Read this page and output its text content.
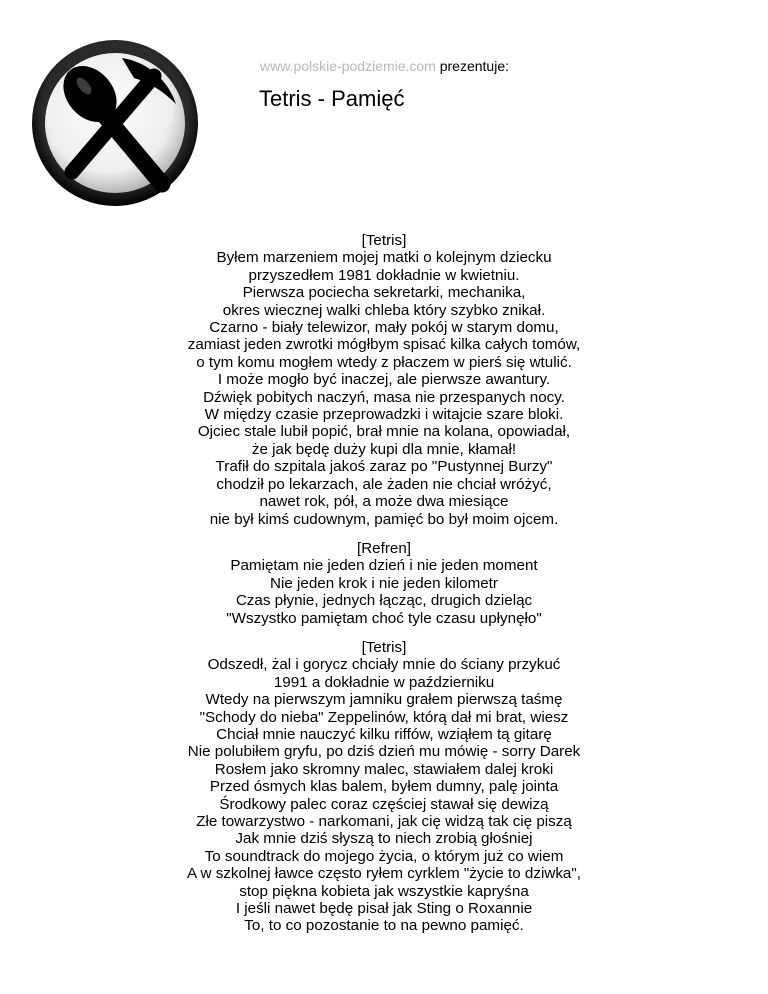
www.polskie-podziemie.com prezentuje:
Tetris - Pamięć
[Tetris]
Byłem marzeniem mojej matki o kolejnym dziecku
przyszedłem 1981 dokładnie w kwietniu.
Pierwsza pociecha sekretarki, mechanika,
okres wiecznej walki chleba który szybko znikał.
Czarno - biały telewizor, mały pokój w starym domu,
zamiast jeden zwrotki mógłbym spisać kilka całych tomów,
o tym komu mogłem wtedy z płaczem w pierś się wtulić.
I może mogło być inaczej, ale pierwsze awantury.
Dźwięk pobitych naczyń, masa nie przespanych nocy.
W między czasie przeprowadzki i witajcie szare bloki.
Ojciec stale lubił popić, brał mnie na kolana, opowiadał,
że jak będę duży kupi dla mnie, kłamał!
Trafił do szpitala jakoś zaraz po "Pustynnej Burzy"
chodził po lekarzach, ale żaden nie chciał wróżyć,
nawet rok, pół, a może dwa miesiące
nie był kimś cudownym, pamięć bo był moim ojcem.
[Refren]
Pamiętam nie jeden dzień i nie jeden moment
Nie jeden krok i nie jeden kilometr
Czas płynie, jednych łącząc, drugich dzieląc
"Wszystko pamiętam choć tyle czasu upłynęło"
[Tetris]
Odszedł, żal i gorycz chciały mnie do ściany przykuć
1991 a dokładnie w październiku
Wtedy na pierwszym jamniku grałem pierwszą taśmę
"Schody do nieba" Zeppelinów, którą dał mi brat, wiesz
Chciał mnie nauczyć kilku riffów, wziąłem tą gitarę
Nie polubiłem gryfu, po dziś dzień mu mówię - sorry Darek
Rosłem jako skromny malec, stawiałem dalej kroki
Przed ósmych klas balem, byłem dumny, palę jointa
Środkowy palec coraz częściej stawał się dewizą
Złe towarzystwo - narkomani, jak cię widzą tak cię piszą
Jak mnie dziś słyszą to niech zrobią głośniej
To soundtrack do mojego życia, o którym już co wiem
A w szkolnej ławce często ryłem cyrklem "życie to dziwka",
stop piękna kobieta jak wszystkie kapryśna
I jeśli nawet będę pisał jak Sting o Roxannie
To, to co pozostanie to na pewno pamięć.
